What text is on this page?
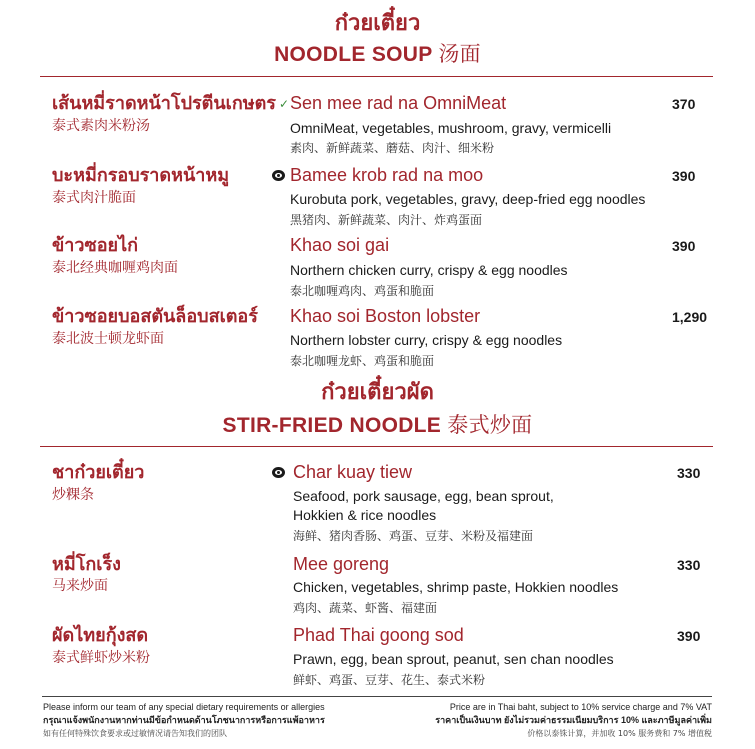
ก๋วยเตี๋ยว
NOODLE SOUP 汤面
เส้นหมี่ราดหน้าโปรตีนเกษตร ✓ Sen mee rad na OmniMeat	370
泰式素肉米粉汤	OmniMeat, vegetables, mushroom, gravy, vermicelli
素肉、新鲜蔬菜、蘑菇、肉汁、细米粉
บะหมี่กรอบราดหน้าหมู	Bamee krob rad na moo	390
泰式肉汁脆面	Kurobuta pork, vegetables, gravy, deep-fried egg noodles
黑猪肉、新鲜蔬菜、肉汁、炸鸡蛋面
ข้าวซอยไก่	Khao soi gai	390
泰北经典咖喱鸡肉面	Northern chicken curry, crispy & egg noodles
泰北咖喱鸡肉、鸡蛋和脆面
ข้าวซอยบอสตันล็อบสเตอร์ Khao soi Boston lobster	1,290
泰北波士顿龙虾面	Northern lobster curry, crispy & egg noodles
泰北咖喱龙虾、鸡蛋和脆面
ก๋วยเตี๋ยวผัด
STIR-FRIED NOODLE 泰式炒面
ชาก๋วยเตี๋ยว	Char kuay tiew	330
炒粿条	Seafood, pork sausage, egg, bean sprout,
Hokkien & rice noodles
海鲜、猪肉香肠、鸡蛋、豆芽、米粉及福建面
หมี่โกเร็ง	Mee goreng	330
马来炒面	Chicken, vegetables, shrimp paste, Hokkien noodles
鸡肉、蔬菜、虾酱、福建面
ผัดไทยกุ้งสด	Phad Thai goong sod	390
泰式鲜虾炒米粉	Prawn, egg, bean sprout, peanut, sen chan noodles
鲜虾、鸡蛋、豆芽、花生、泰式米粉
Please inform our team of any special dietary requirements or allergies
กรุณาแจ้งพนักงานหากท่านมีข้อกำหนดด้านโภชนาการหรือการแพ้อาหาร
如有任何特殊饮食要求或过敏情况请告知我们的团队
Price are in Thai baht, subject to 10% service charge and 7% VAT
ราคาเป็นเงินบาท ยังไม่รวมค่าธรรมเนียมบริการ 10% และภาษีมูลค่าเพิ่ม
价格以泰铢计算，并加收 10% 服务费和 7% 增值税
